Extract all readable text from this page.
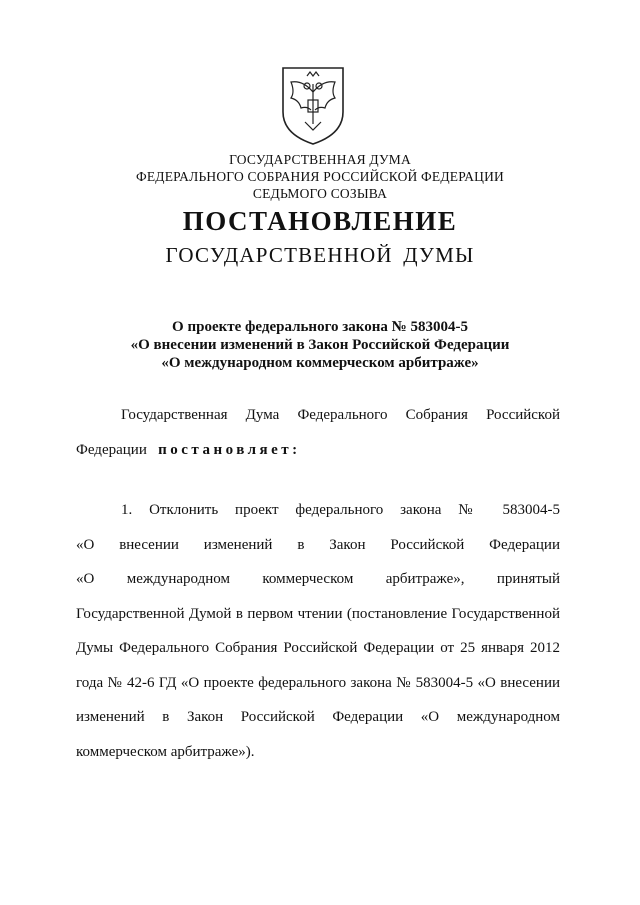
ГОСУДАРСТВЕННАЯ ДУМА
ФЕДЕРАЛЬНОГО СОБРАНИЯ РОССИЙСКОЙ ФЕДЕРАЦИИ
СЕДЬМОГО СОЗЫВА
ПОСТАНОВЛЕНИЕ
ГОСУДАРСТВЕННОЙ ДУМЫ
О проекте федерального закона № 583004-5
«О внесении изменений в Закон Российской Федерации
«О международном коммерческом арбитраже»
Государственная Дума Федерального Собрания Российской
Федерации постановляет:
1. Отклонить проект федерального закона № 583004-5
«О внесении изменений в Закон Российской Федерации
«О международном коммерческом арбитраже», принятый
Государственной Думой в первом чтении (постановление Государственной
Думы Федерального Собрания Российской Федерации от 25 января 2012
года № 42-6 ГД «О проекте федерального закона № 583004-5 «О внесении
изменений в Закон Российской Федерации «О международном
коммерческом арбитраже»).
